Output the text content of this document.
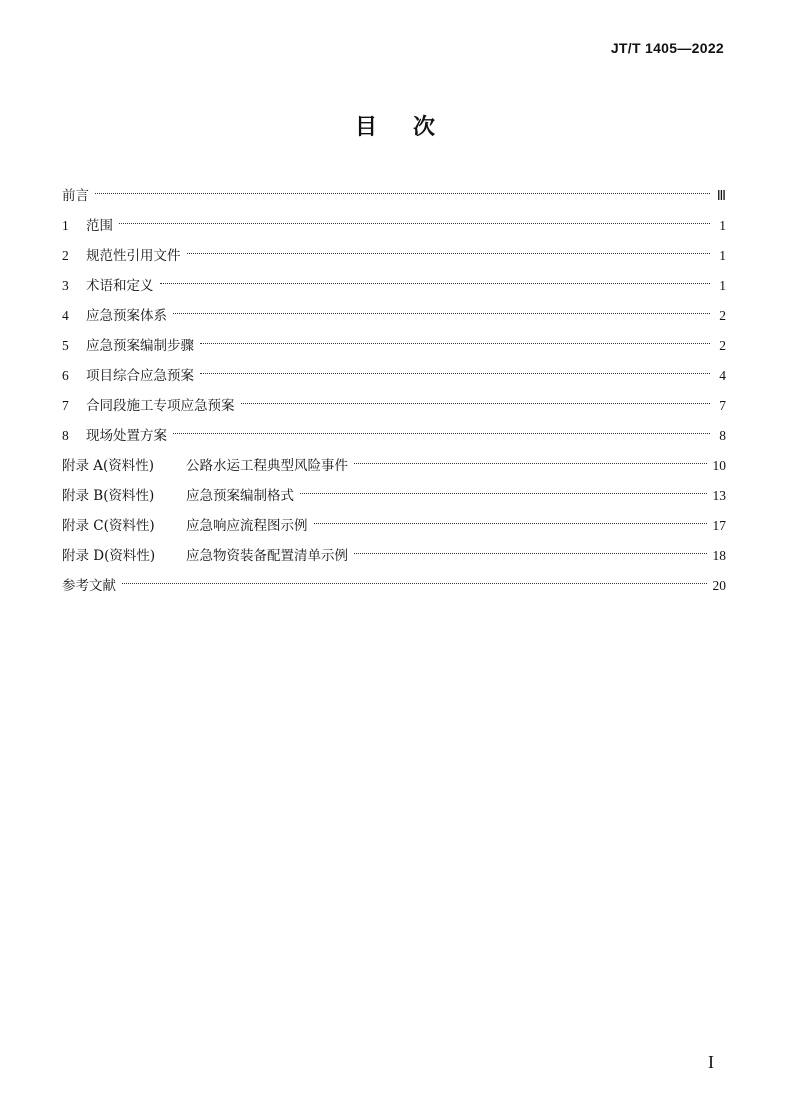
JT/T 1405—2022
目 次
前言	Ⅲ
1	范围	1
2	规范性引用文件	1
3	术语和定义	1
4	应急预案体系	2
5	应急预案编制步骤	2
6	项目综合应急预案	4
7	合同段施工专项应急预案	7
8	现场处置方案	8
附录 A(资料性)	公路水运工程典型风险事件	10
附录 B(资料性)	应急预案编制格式	13
附录 C(资料性)	应急响应流程图示例	17
附录 D(资料性)	应急物资装备配置清单示例	18
参考文献	20
I
